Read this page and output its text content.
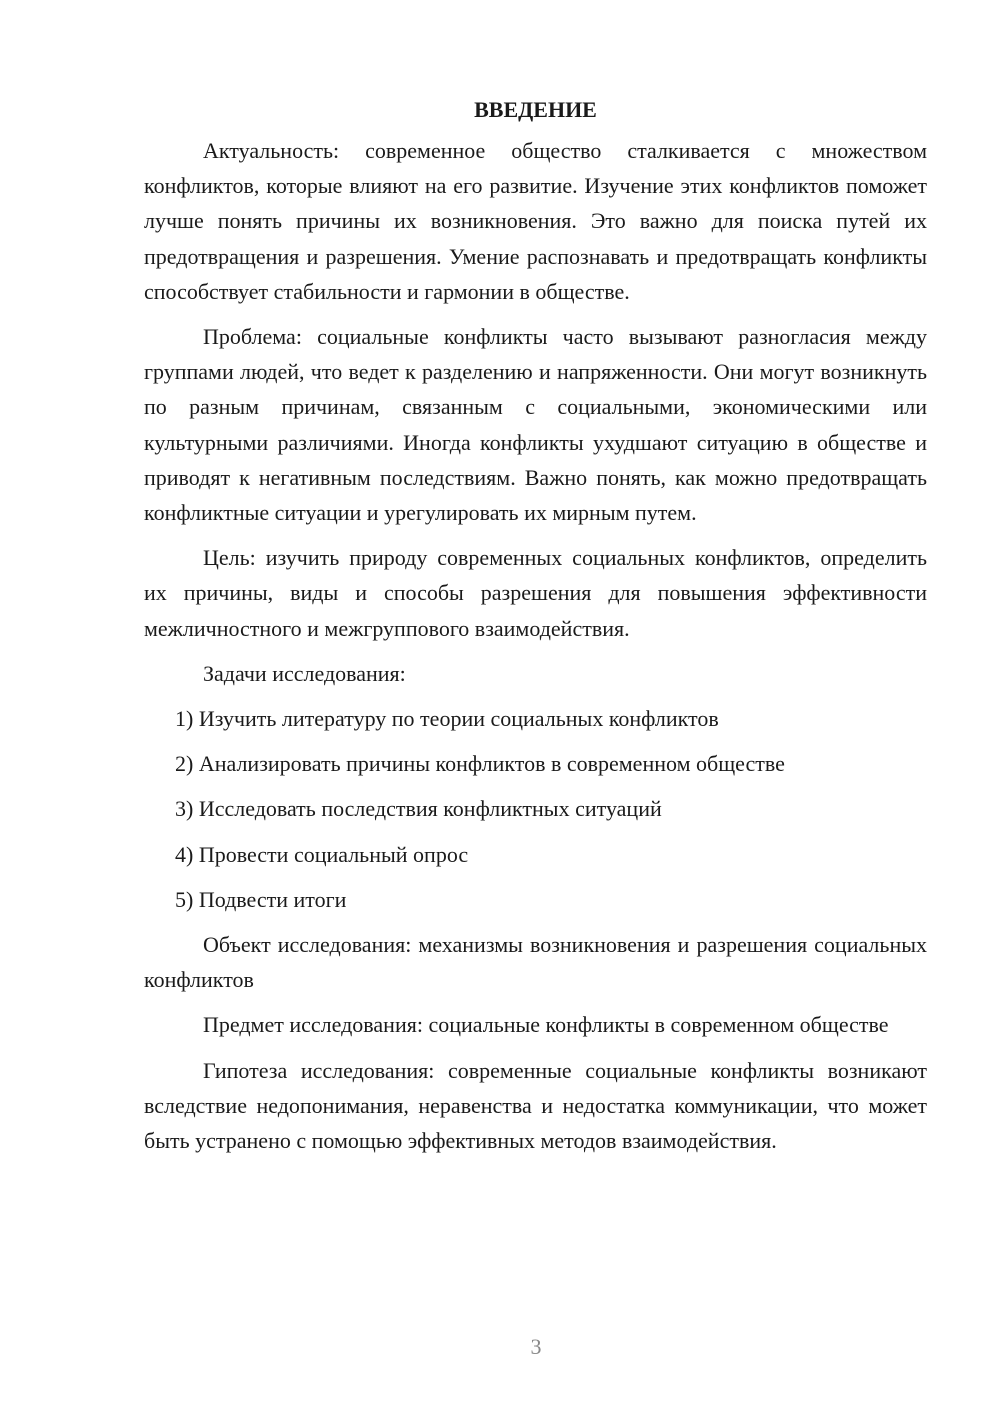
ВВЕДЕНИЕ

Актуальность: современное общество сталкивается с множеством конфликтов, которые влияют на его развитие. Изучение этих конфликтов поможет лучше понять причины их возникновения. Это важно для поиска путей их предотвращения и разрешения. Умение распознавать и предотвращать конфликты способствует стабильности и гармонии в обществе.

Проблема: социальные конфликты часто вызывают разногласия между группами людей, что ведет к разделению и напряженности. Они могут возникнуть по разным причинам, связанным с социальными, экономическими или культурными различиями. Иногда конфликты ухудшают ситуацию в обществе и приводят к негативным последствиям. Важно понять, как можно предотвращать конфликтные ситуации и урегулировать их мирным путем.

Цель: изучить природу современных социальных конфликтов, определить их причины, виды и способы разрешения для повышения эффективности межличностного и межгруппового взаимодействия.

Задачи исследования:

1) Изучить литературу по теории социальных конфликтов
2) Анализировать причины конфликтов в современном обществе
3) Исследовать последствия конфликтных ситуаций
4) Провести социальный опрос
5) Подвести итоги

Объект исследования: механизмы возникновения и разрешения социальных конфликтов

Предмет исследования: социальные конфликты в современном обществе

Гипотеза исследования: современные социальные конфликты возникают вследствие недопонимания, неравенства и недостатка коммуникации, что может быть устранено с помощью эффективных методов взаимодействия.

3
